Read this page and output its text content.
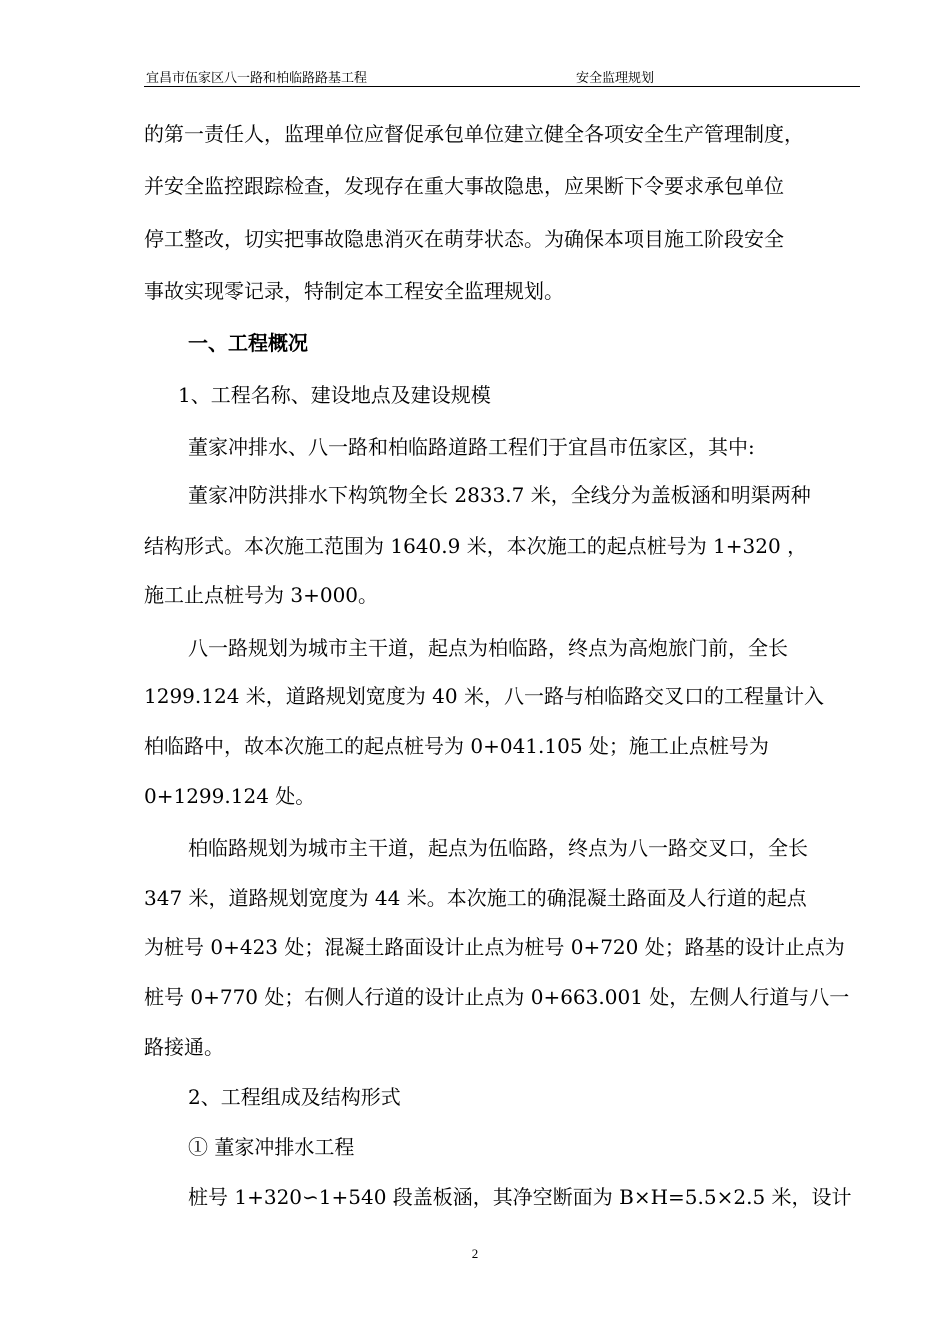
宜昌市伍家区八一路和柏临路路基工程	安全监理规划

的第一责任人，监理单位应督促承包单位建立健全各项安全生产管理制度，

并安全监控跟踪检查，发现存在重大事故隐患，应果断下令要求承包单位

停工整改，切实把事故隐患消灭在萌芽状态。为确保本项目施工阶段安全

事故实现零记录，特制定本工程安全监理规划。

一、工程概况

1、工程名称、建设地点及建设规模

董家冲排水、八一路和柏临路道路工程们于宜昌市伍家区，其中:

董家冲防洪排水下构筑物全长 2833.7 米，全线分为盖板涵和明渠两种

结构形式。本次施工范围为 1640.9 米，本次施工的起点桩号为 1+320 ，

施工止点桩号为 3+000。

八一路规划为城市主干道，起点为柏临路，终点为高炮旅门前，全长

1299.124 米，道路规划宽度为 40 米，八一路与柏临路交叉口的工程量计入

柏临路中，故本次施工的起点桩号为 0+041.105 处；施工止点桩号为

0+1299.124 处。

柏临路规划为城市主干道，起点为伍临路，终点为八一路交叉口，全长

347 米，道路规划宽度为 44 米。本次施工的确混凝土路面及人行道的起点

为桩号 0+423 处；混凝土路面设计止点为桩号 0+720 处；路基的设计止点为

桩号 0+770 处；右侧人行道的设计止点为 0+663.001 处，左侧人行道与八一

路接通。

2、工程组成及结构形式

① 董家冲排水工程

桩号 1+320∽1+540 段盖板涵，其净空断面为 B×H=5.5×2.5 米，设计

2
